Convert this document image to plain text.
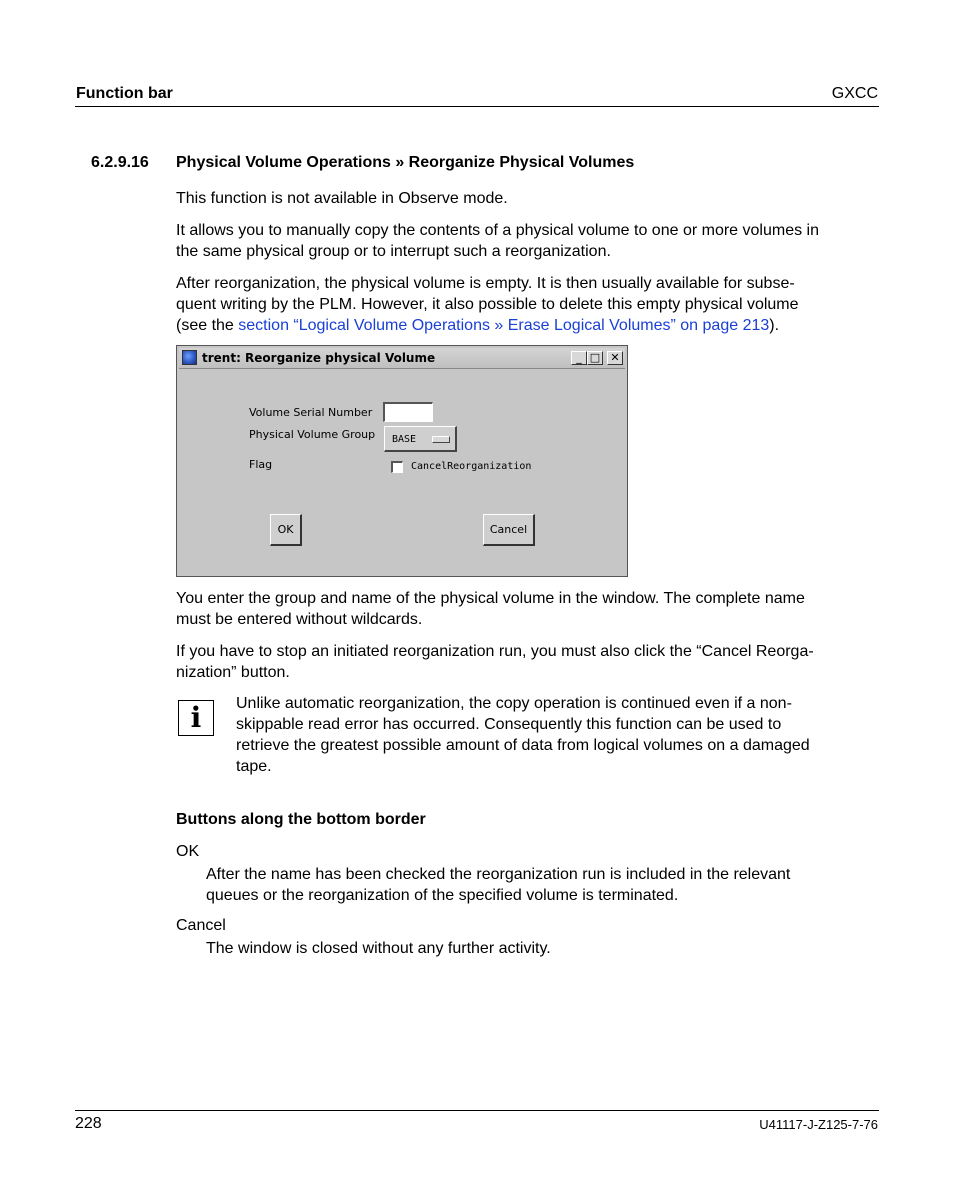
Function bar	GXCC
6.2.9.16 Physical Volume Operations » Reorganize Physical Volumes
This function is not available in Observe mode.
It allows you to manually copy the contents of a physical volume to one or more volumes in
the same physical group or to interrupt such a reorganization.
After reorganization, the physical volume is empty. It is then usually available for subse-
quent writing by the PLM. However, it also possible to delete this empty physical volume
(see the section “Logical Volume Operations » Erase Logical Volumes” on page 213).
trent: Reorganize physical Volume	_ □ ✕
Volume Serial Number
Physical Volume Group BASE
Flag	CancelReorganization
OK	Cancel
You enter the group and name of the physical volume in the window. The complete name
must be entered without wildcards.
If you have to stop an initiated reorganization run, you must also click the “Cancel Reorga-
nization” button.
i	Unlike automatic reorganization, the copy operation is continued even if a non-
skippable read error has occurred. Consequently this function can be used to
retrieve the greatest possible amount of data from logical volumes on a damaged
tape.
Buttons along the bottom border
OK
After the name has been checked the reorganization run is included in the relevant
queues or the reorganization of the specified volume is terminated.
Cancel
The window is closed without any further activity.
228	U41117-J-Z125-7-76
